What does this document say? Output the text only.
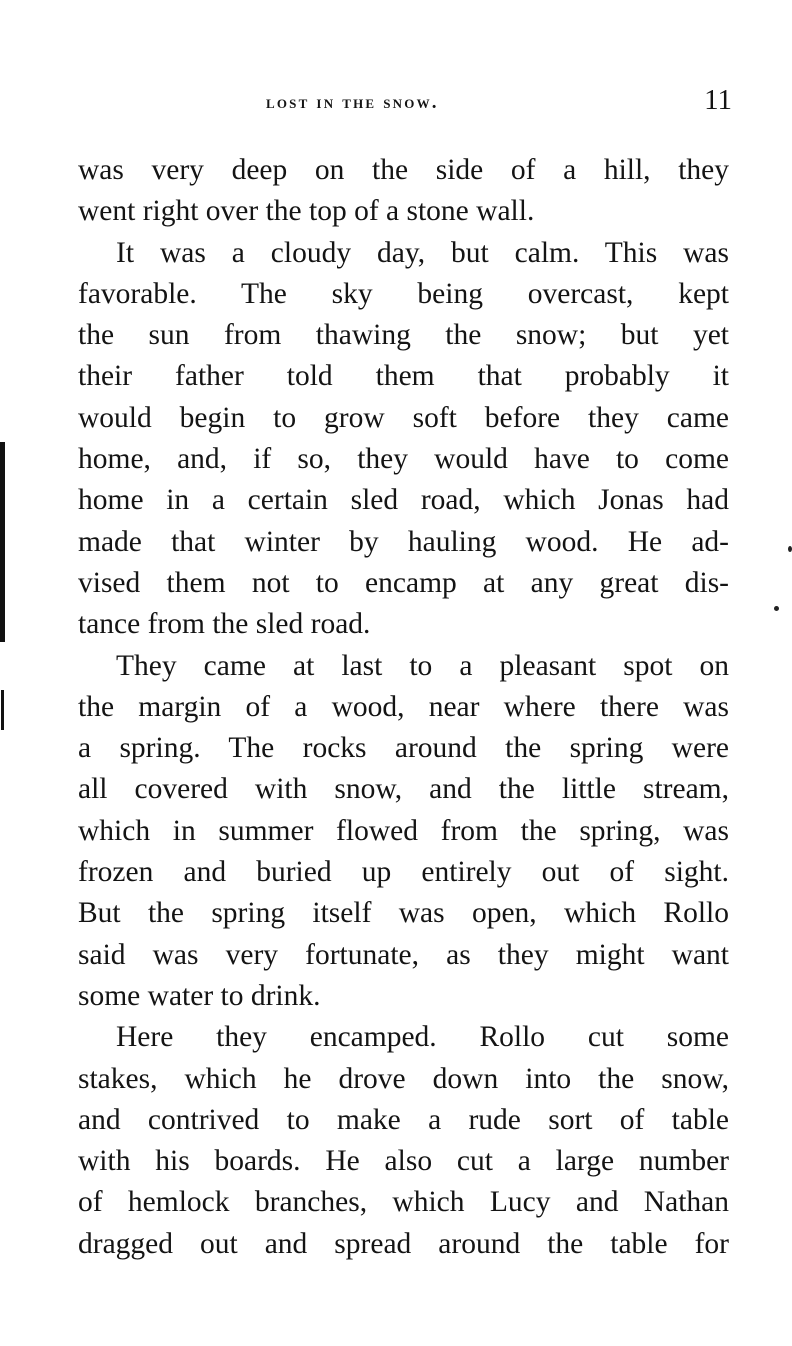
lost in the snow.	11
was very deep on the side of a hill, they
went right over the top of a stone wall.
It was a cloudy day, but calm. This was
favorable. The sky being overcast, kept
the sun from thawing the snow; but yet
their father told them that probably it
would begin to grow soft before they came
home, and, if so, they would have to come
home in a certain sled road, which Jonas had
made that winter by hauling wood. He ad-
vised them not to encamp at any great dis-
tance from the sled road.
They came at last to a pleasant spot on
the margin of a wood, near where there was
a spring. The rocks around the spring were
all covered with snow, and the little stream,
which in summer flowed from the spring, was
frozen and buried up entirely out of sight.
But the spring itself was open, which Rollo
said was very fortunate, as they might want
some water to drink.
Here they encamped. Rollo cut some
stakes, which he drove down into the snow,
and contrived to make a rude sort of table
with his boards. He also cut a large number
of hemlock branches, which Lucy and Nathan
dragged out and spread around the table for
